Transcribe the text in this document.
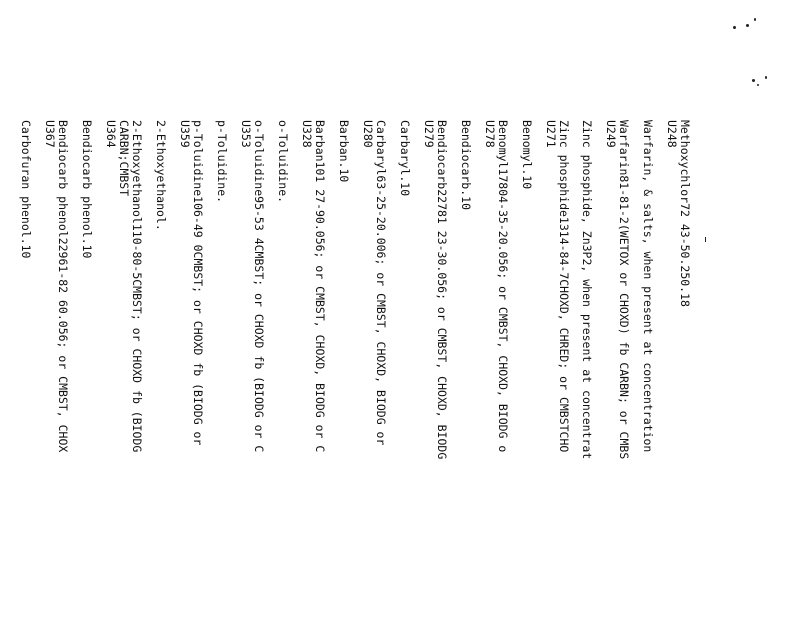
Methoxychlor72 43-50.250.18
U248
Warfarin, & salts, when present at concentration
Warfarin81-81-2(WETOX or CHOXD) fb CARBN; or CMBS
U249
Zinc phosphide, Zn3P2, when present at concentrat
Zinc phosphide1314-84-7CHOXD, CHRED; or CMBSTCHO
U271
Benomyl.10
Benomyl17804-35-20.056; or CMBST, CHOXD, BIODG o
U278
Bendiocarb.10
Bendiocarb22781 23-30.056; or CMBST, CHOXD, BIODG
U279
Carbaryl.10
Carbaryl63-25-20.006; or CMBST, CHOXD, BIODG or
U280
Barban.10
Barban101 27-90.056; or CMBST, CHOXD, BIODG or C
U328
o-Toluidine.
o-Toluidine95-53 4CMBST; or CHOXD fb (BIODG or C
U353
p-Toluidine.
p-Toluidine106-49 0CMBST; or CHOXD fb (BIODG or
U359
2-Ethoxyethanol.
2-Ethoxyethanol110-80-5CMBST; or CHOXD fb (BIODG
CARBN;CMBST
U364
Bendiocarb phenol.10
Bendiocarb phenol22961-82 60.056; or CMBST, CHOX
U367
Carbofuran phenol.10
